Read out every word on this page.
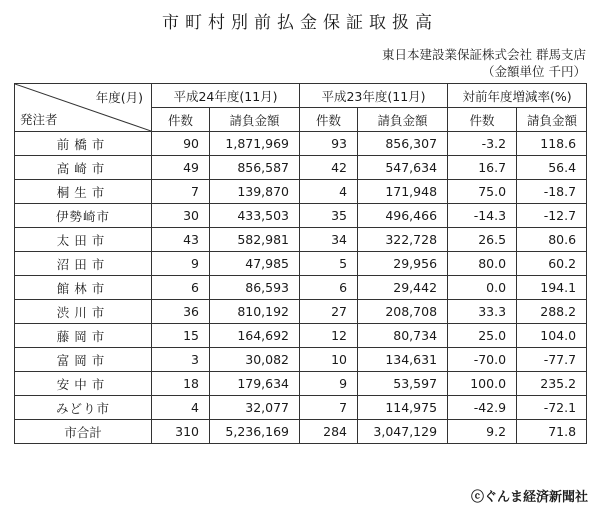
市町村別前払金保証取扱高
東日本建設業保証株式会社 群馬支店
（金額単位 千円）
年度(月)
発注者	平成24年度(11月)		平成23年度(11月)		対前年度増減率(%)	
	件数	請負金額	件数	請負金額	件数	請負金額
前橋市	90	1,871,969	93	856,307	-3.2	118.6
高崎市	49	856,587	42	547,634	16.7	56.4
桐生市	7	139,870	4	171,948	75.0	-18.7
伊勢崎市	30	433,503	35	496,466	-14.3	-12.7
太田市	43	582,981	34	322,728	26.5	80.6
沼田市	9	47,985	5	29,956	80.0	60.2
館林市	6	86,593	6	29,442	0.0	194.1
渋川市	36	810,192	27	208,708	33.3	288.2
藤岡市	15	164,692	12	80,734	25.0	104.0
富岡市	3	30,082	10	134,631	-70.0	-77.7
安中市	18	179,634	9	53,597	100.0	235.2
みどり市	4	32,077	7	114,975	-42.9	-72.1
市合計	310	5,236,169	284	3,047,129	9.2	71.8
ⓒぐんま経済新聞社
